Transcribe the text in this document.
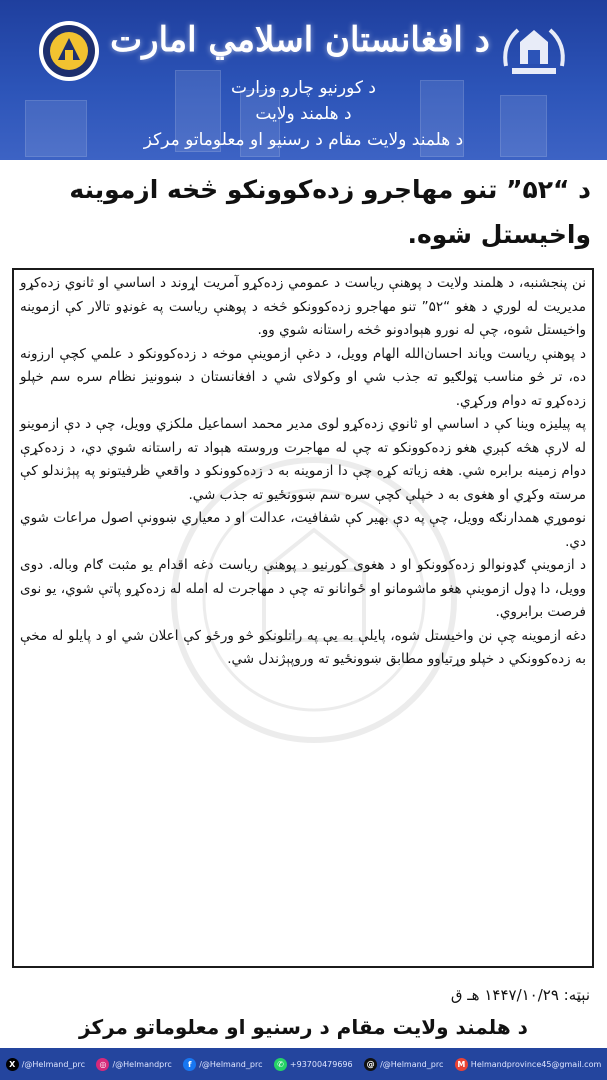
د افغانستان اسلامي امارت
د کورنیو چارو وزارت
د هلمند ولایت
د هلمند ولایت مقام د رسنیو او معلوماتو مرکز
د “۵۲” تنو مهاجرو زده‌کوونکو څخه ازموینه واخیستل شوه.

نن پنجشنبه، د هلمند ولایت د پوهنې ریاست د عمومي زده‌کړو آمریت اړوند د اساسي او ثانوي زده‌کړو مدیریت له لوري د هغو “۵۲” تنو مهاجرو زده‌کوونکو څخه د پوهنې ریاست په غونډو تالار کې ازموینه واخیستل شوه، چې له نورو هېوادونو څخه راستانه شوي وو.

د پوهنې ریاست ویاند احسان‌الله الهام وویل، د دغې ازموینې موخه د زده‌کوونکو د علمي کچې ارزونه ده، تر څو مناسب ټولګيو ته جذب شي او وکولای شي د افغانستان د ښوونیز نظام سره سم خپلو زده‌کړو ته دوام ورکړي.

په پیلیزه وینا کې د اساسي او ثانوي زده‌کړو لوی مدیر محمد اسماعیل ملکزي وویل، چې د دې ازموینو له لارې هڅه کېږي هغو زده‌کوونکو ته چې له مهاجرت وروسته هېواد ته راستانه شوي دي، د زده‌کړې دوام زمینه برابره شي. هغه زیاته کړه چې دا ازموینه به د زده‌کوونکو د واقعي ظرفیتونو په پېژندلو کې مرسته وکړي او هغوی به د خپلې کچې سره سم ښوونځیو ته جذب شي.

نوموړي همدارنګه وویل، چې په دې بهیر کې شفافیت، عدالت او د معیاري ښوونې اصول مراعات شوي دي.

د ازموینې ګډونوالو زده‌کوونکو او د هغوی کورنیو د پوهنې ریاست دغه اقدام یو مثبت ګام وباله. دوی وویل، دا ډول ازموینې هغو ماشومانو او ځوانانو ته چې د مهاجرت له امله له زده‌کړو پاتې شوي، یو نوی فرصت برابروي.

دغه ازموینه چې نن واخیستل شوه، پایلې به یې په راتلونکو څو ورځو کې اعلان شي او د پایلو له مخې به زده‌کوونکي د خپلو وړتیاوو مطابق ښوونځیو ته وروپېژندل شي.

نېټه: ۱۴۴۷/۱۰/۲۹ هـ ق
د هلمند ولایت مقام د رسنیو او معلوماتو مرکز
X /@Helmand_prc	◎ /@Helmandprc	f /@Helmand_prc	✆ +93700479696	@ /@Helmand_prc	M Helmandprovince45@gmail.com
